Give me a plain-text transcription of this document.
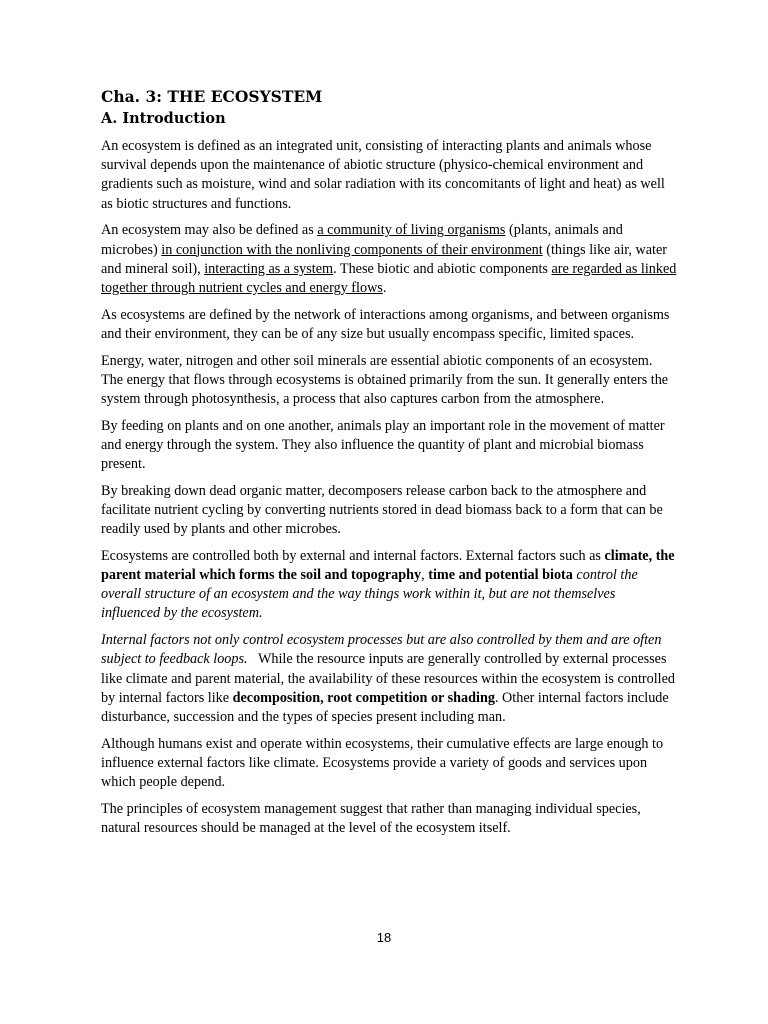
Cha. 3: THE ECOSYSTEM
A. Introduction

An ecosystem is defined as an integrated unit, consisting of interacting plants and animals whose survival depends upon the maintenance of abiotic structure (physico-chemical environment and gradients such as moisture, wind and solar radiation with its concomitants of light and heat) as well as biotic structures and functions.

An ecosystem may also be defined as a community of living organisms (plants, animals and microbes) in conjunction with the nonliving components of their environment (things like air, water and mineral soil), interacting as a system. These biotic and abiotic components are regarded as linked together through nutrient cycles and energy flows.

As ecosystems are defined by the network of interactions among organisms, and between organisms and their environment, they can be of any size but usually encompass specific, limited spaces.

Energy, water, nitrogen and other soil minerals are essential abiotic components of an ecosystem. The energy that flows through ecosystems is obtained primarily from the sun. It generally enters the system through photosynthesis, a process that also captures carbon from the atmosphere.

By feeding on plants and on one another, animals play an important role in the movement of matter and energy through the system. They also influence the quantity of plant and microbial biomass present.

By breaking down dead organic matter, decomposers release carbon back to the atmosphere and facilitate nutrient cycling by converting nutrients stored in dead biomass back to a form that can be readily used by plants and other microbes.

Ecosystems are controlled both by external and internal factors. External factors such as climate, the parent material which forms the soil and topography, time and potential biota control the overall structure of an ecosystem and the way things work within it, but are not themselves influenced by the ecosystem.

Internal factors not only control ecosystem processes but are also controlled by them and are often subject to feedback loops.   While the resource inputs are generally controlled by external processes like climate and parent material, the availability of these resources within the ecosystem is controlled by internal factors like decomposition, root competition or shading. Other internal factors include disturbance, succession and the types of species present including man.

Although humans exist and operate within ecosystems, their cumulative effects are large enough to influence external factors like climate. Ecosystems provide a variety of goods and services upon which people depend.

The principles of ecosystem management suggest that rather than managing individual species, natural resources should be managed at the level of the ecosystem itself.

18
